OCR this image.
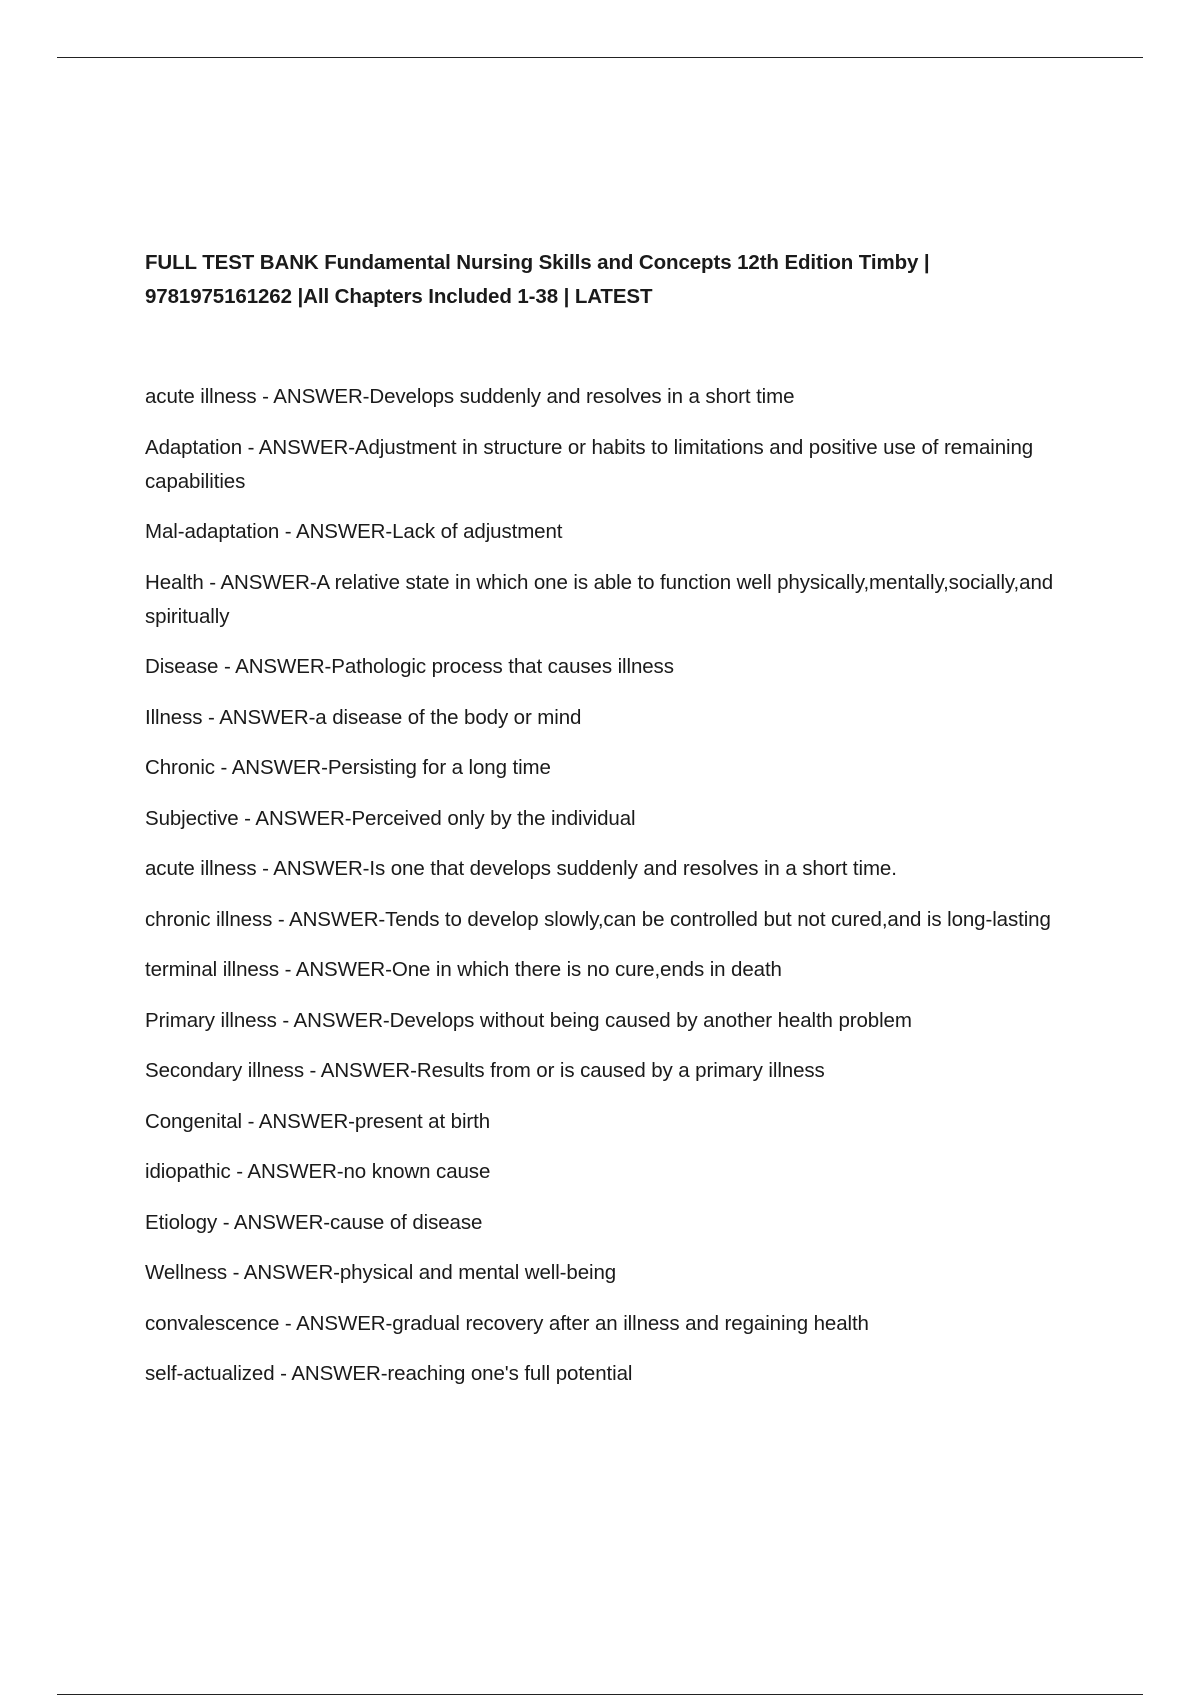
FULL TEST BANK Fundamental Nursing Skills and Concepts 12th Edition Timby | 9781975161262 |All Chapters Included 1-38 | LATEST
acute illness - ANSWER-Develops suddenly and resolves in a short time
Adaptation - ANSWER-Adjustment in structure or habits to limitations and positive use of remaining capabilities
Mal-adaptation - ANSWER-Lack of adjustment
Health - ANSWER-A relative state in which one is able to function well physically,mentally,socially,and spiritually
Disease - ANSWER-Pathologic process that causes illness
Illness - ANSWER-a disease of the body or mind
Chronic - ANSWER-Persisting for a long time
Subjective - ANSWER-Perceived only by the individual
acute illness - ANSWER-Is one that develops suddenly and resolves in a short time.
chronic illness - ANSWER-Tends to develop slowly,can be controlled but not cured,and is long-lasting
terminal illness - ANSWER-One in which there is no cure,ends in death
Primary illness - ANSWER-Develops without being caused by another health problem
Secondary illness - ANSWER-Results from or is caused by a primary illness
Congenital - ANSWER-present at birth
idiopathic - ANSWER-no known cause
Etiology - ANSWER-cause of disease
Wellness - ANSWER-physical and mental well-being
convalescence - ANSWER-gradual recovery after an illness and regaining health
self-actualized - ANSWER-reaching one's full potential
